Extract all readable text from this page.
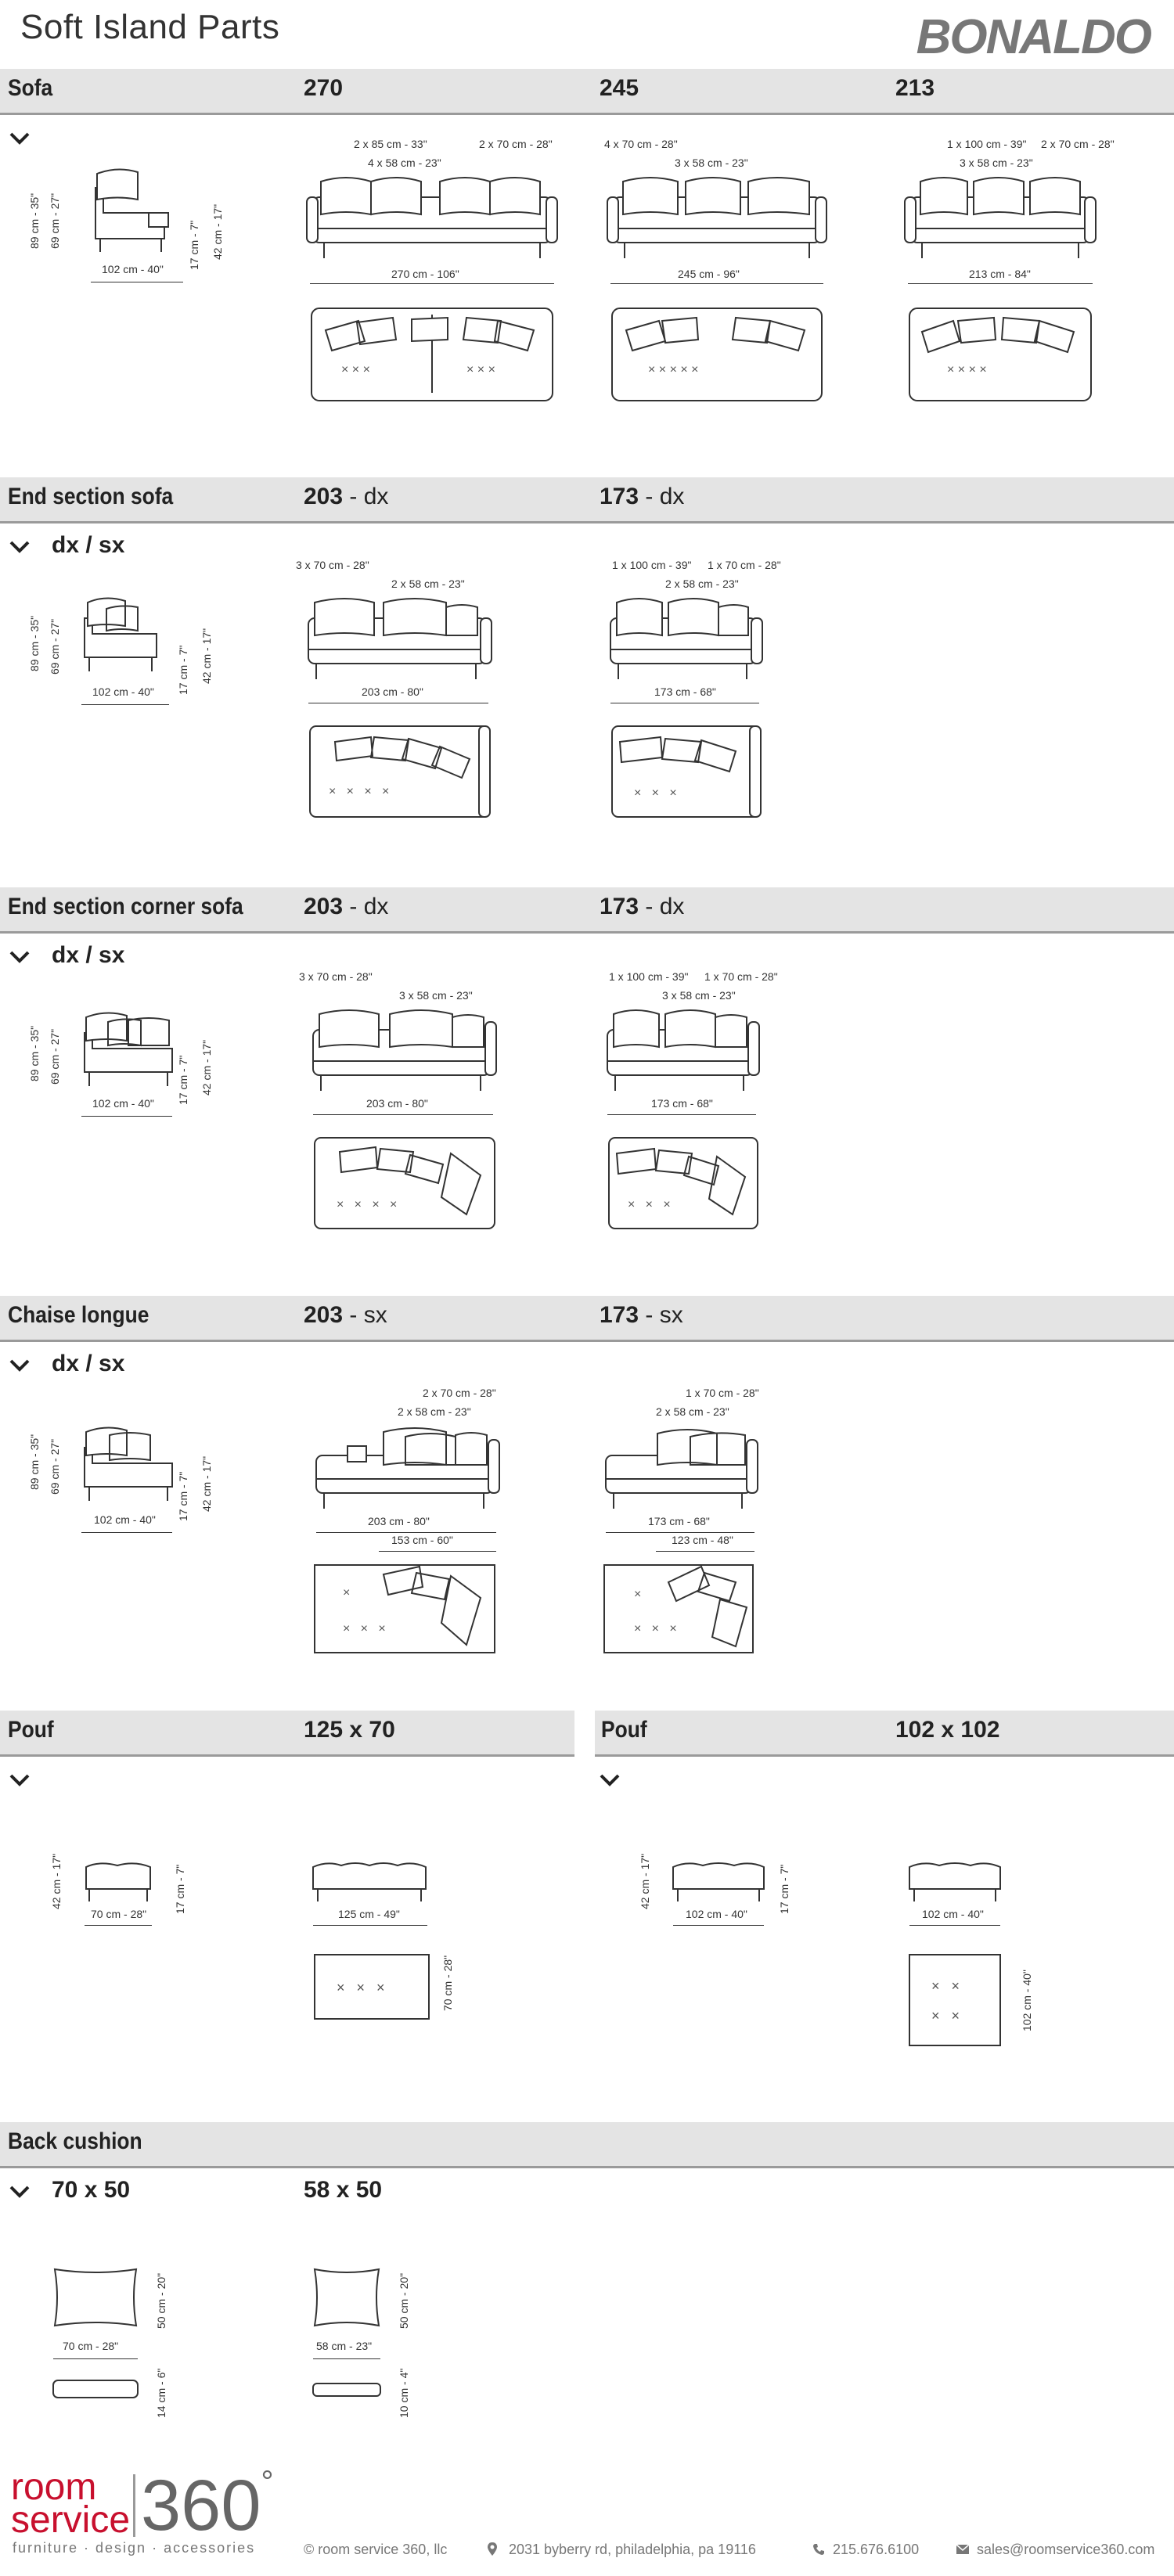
Soft Island Parts	BONALDO
Sofa	270	245	213
89 cm - 35" 69 cm - 27"
102 cm - 40" 17 cm - 7" 42 cm - 17"
2 x 85 cm - 33"	2 x 70 cm - 28"
4 x 58 cm - 23"
270 cm - 106"
× × ×	× × ×
4 x 70 cm - 28"
3 x 58 cm - 23"
245 cm - 96"
× × × × ×
1 x 100 cm - 39" 2 x 70 cm - 28"
3 x 58 cm - 23"
213 cm - 84"
× × × ×
End section sofa	203 - dx	173 - dx
dx / sx
89 cm - 35" 69 cm - 27"
102 cm - 40" 17 cm - 7" 42 cm - 17"
3 x 70 cm - 28"
2 x 58 cm - 23"
203 cm - 80"
×   ×   ×   ×
1 x 100 cm - 39" 1 x 70 cm - 28"
2 x 58 cm - 23"
173 cm - 68"
×   ×   ×
End section corner sofa	203 - dx	173 - dx
dx / sx
89 cm - 35" 69 cm - 27"
102 cm - 40" 17 cm - 7" 42 cm - 17"
3 x 70 cm - 28"
3 x 58 cm - 23"
203 cm - 80"
×   ×   ×   ×
1 x 100 cm - 39" 1 x 70 cm - 28"
3 x 58 cm - 23"
173 cm - 68"
×   ×   ×
Chaise longue	203 - sx	173 - sx
dx / sx
89 cm - 35" 69 cm - 27"
102 cm - 40" 17 cm - 7" 42 cm - 17"
2 x 70 cm - 28"
2 x 58 cm - 23"
203 cm - 80"
153 cm - 60"
×
×   ×   ×
1 x 70 cm - 28"
2 x 58 cm - 23"
173 cm - 68"
123 cm - 48"
×
×   ×   ×
Pouf	125 x 70	Pouf	102 x 102
42 cm - 17"
70 cm - 28" 17 cm - 7"	125 cm - 49"
×   ×   ×	70 cm - 28"
42 cm - 17"
102 cm - 40"	17 cm - 7"	102 cm - 40"
×   ×
×   ×	102 cm - 40"
Back cushion
70 x 50	58 x 50
50 cm - 20"
70 cm - 28"
14 cm - 6"
50 cm - 20"
58 cm - 23"
10 cm - 4"
room
service 360°
furniture · design · accessories	© room service 360, llc	2031 byberry rd, philadelphia, pa 19116	215.676.6100	sales@roomservice360.com
